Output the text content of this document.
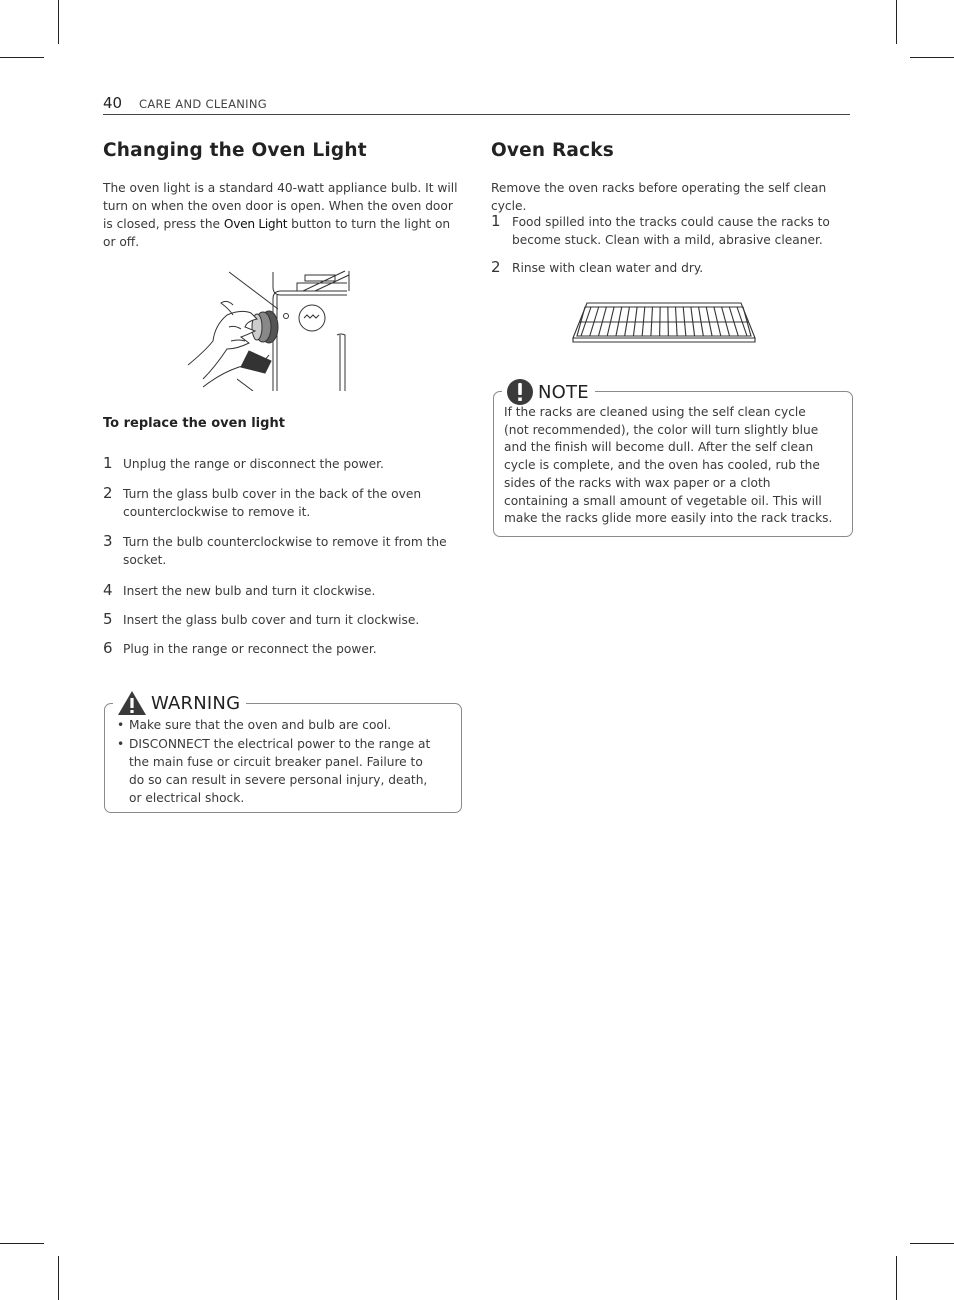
40 CARE AND CLEANING
Changing the Oven Light

The oven light is a standard 40-watt appliance bulb. It will turn on when the oven door is open. When the oven door is closed, press the Oven Light button to turn the light on or off.

To replace the oven light
1 Unplug the range or disconnect the power.
2 Turn the glass bulb cover in the back of the oven counterclockwise to remove it.
3 Turn the bulb counterclockwise to remove it from the socket.
4 Insert the new bulb and turn it clockwise.
5 Insert the glass bulb cover and turn it clockwise.
6 Plug in the range or reconnect the power.
WARNING
• Make sure that the oven and bulb are cool.
• DISCONNECT the electrical power to the range at the main fuse or circuit breaker panel. Failure to do so can result in severe personal injury, death, or electrical shock.
Oven Racks

Remove the oven racks before operating the self clean cycle.

1 Food spilled into the tracks could cause the racks to become stuck. Clean with a mild, abrasive cleaner.
2 Rinse with clean water and dry.
NOTE
If the racks are cleaned using the self clean cycle (not recommended), the color will turn slightly blue and the finish will become dull. After the self clean cycle is complete, and the oven has cooled, rub the sides of the racks with wax paper or a cloth containing a small amount of vegetable oil. This will make the racks glide more easily into the rack tracks.
